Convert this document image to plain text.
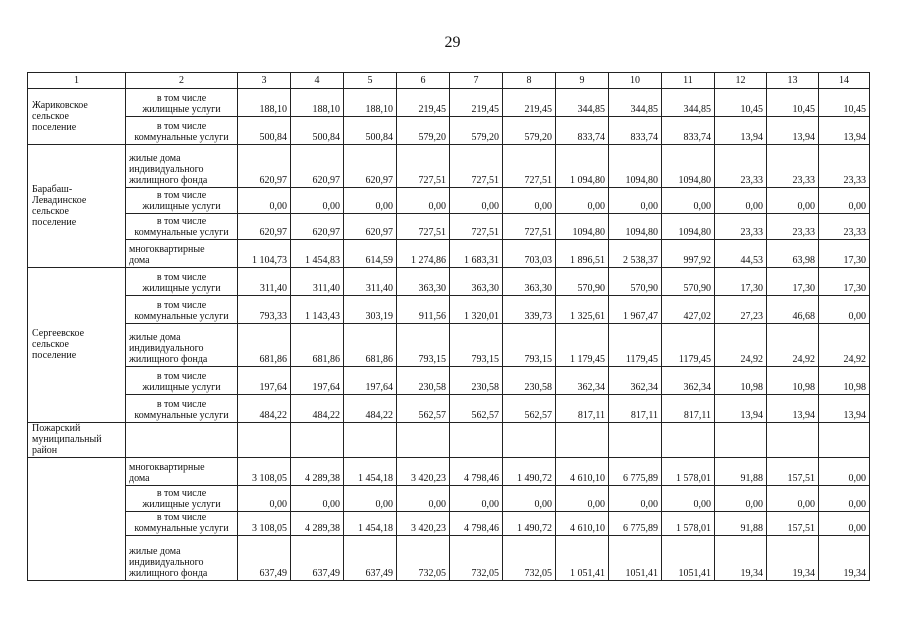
29
1	2	3	4	5	6	7	8	9	10	11	12	13	14
Жариковское
сельское
поселение	в том числе
жилищные услуги	188,10	188,10	188,10	219,45	219,45	219,45	344,85	344,85	344,85	10,45	10,45	10,45
	в том числе
коммунальные услуги	500,84	500,84	500,84	579,20	579,20	579,20	833,74	833,74	833,74	13,94	13,94	13,94
Барабаш-
Левадинское
сельское
поселение	жилые дома
индивидуального
жилищного фонда	620,97	620,97	620,97	727,51	727,51	727,51	1 094,80	1094,80	1094,80	23,33	23,33	23,33
	в том числе
жилищные услуги	0,00	0,00	0,00	0,00	0,00	0,00	0,00	0,00	0,00	0,00	0,00	0,00
	в том числе
коммунальные услуги	620,97	620,97	620,97	727,51	727,51	727,51	1094,80	1094,80	1094,80	23,33	23,33	23,33
	многоквартирные
дома	1 104,73	1 454,83	614,59	1 274,86	1 683,31	703,03	1 896,51	2 538,37	997,92	44,53	63,98	17,30
Сергеевское
сельское
поселение	в том числе
жилищные услуги	311,40	311,40	311,40	363,30	363,30	363,30	570,90	570,90	570,90	17,30	17,30	17,30
	в том числе
коммунальные услуги	793,33	1 143,43	303,19	911,56	1 320,01	339,73	1 325,61	1 967,47	427,02	27,23	46,68	0,00
	жилые дома
индивидуального
жилищного фонда	681,86	681,86	681,86	793,15	793,15	793,15	1 179,45	1179,45	1179,45	24,92	24,92	24,92
	в том числе
жилищные услуги	197,64	197,64	197,64	230,58	230,58	230,58	362,34	362,34	362,34	10,98	10,98	10,98
	в том числе
коммунальные услуги	484,22	484,22	484,22	562,57	562,57	562,57	817,11	817,11	817,11	13,94	13,94	13,94
Пожарский
муниципальный
район													
	многоквартирные
дома	3 108,05	4 289,38	1 454,18	3 420,23	4 798,46	1 490,72	4 610,10	6 775,89	1 578,01	91,88	157,51	0,00
	в том числе
жилищные услуги	0,00	0,00	0,00	0,00	0,00	0,00	0,00	0,00	0,00	0,00	0,00	0,00
	в том числе
коммунальные услуги	3 108,05	4 289,38	1 454,18	3 420,23	4 798,46	1 490,72	4 610,10	6 775,89	1 578,01	91,88	157,51	0,00
	жилые дома
индивидуального
жилищного фонда	637,49	637,49	637,49	732,05	732,05	732,05	1 051,41	1051,41	1051,41	19,34	19,34	19,34
